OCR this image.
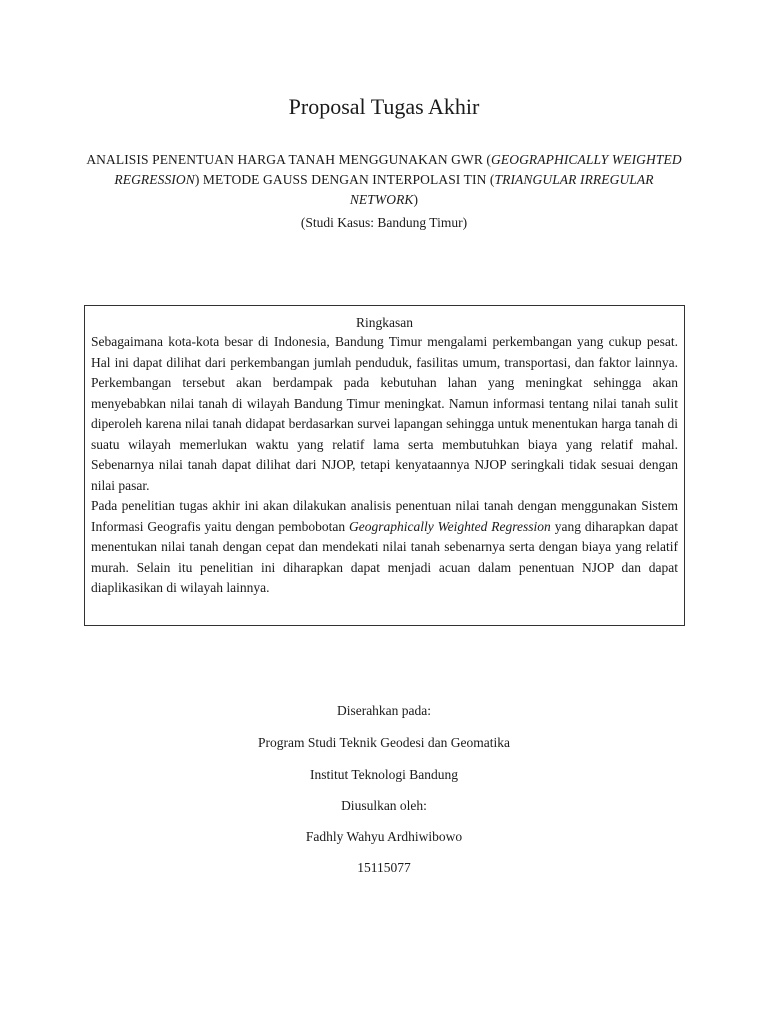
Proposal Tugas Akhir
ANALISIS PENENTUAN HARGA TANAH MENGGUNAKAN GWR (GEOGRAPHICALLY WEIGHTED REGRESSION) METODE GAUSS DENGAN INTERPOLASI TIN (TRIANGULAR IRREGULAR NETWORK)
(Studi Kasus: Bandung Timur)

Ringkasan

Sebagaimana kota-kota besar di Indonesia, Bandung Timur mengalami perkembangan yang cukup pesat. Hal ini dapat dilihat dari perkembangan jumlah penduduk, fasilitas umum, transportasi, dan faktor lainnya. Perkembangan tersebut akan berdampak pada kebutuhan lahan yang meningkat sehingga akan menyebabkan nilai tanah di wilayah Bandung Timur meningkat. Namun informasi tentang nilai tanah sulit diperoleh karena nilai tanah didapat berdasarkan survei lapangan sehingga untuk menentukan harga tanah di suatu wilayah memerlukan waktu yang relatif lama serta membutuhkan biaya yang relatif mahal. Sebenarnya nilai tanah dapat dilihat dari NJOP, tetapi kenyataannya NJOP seringkali tidak sesuai dengan nilai pasar.

Pada penelitian tugas akhir ini akan dilakukan analisis penentuan nilai tanah dengan menggunakan Sistem Informasi Geografis yaitu dengan pembobotan Geographically Weighted Regression yang diharapkan dapat menentukan nilai tanah dengan cepat dan mendekati nilai tanah sebenarnya serta dengan biaya yang relatif murah. Selain itu penelitian ini diharapkan dapat menjadi acuan dalam penentuan NJOP dan dapat diaplikasikan di wilayah lainnya.

Diserahkan pada:
Program Studi Teknik Geodesi dan Geomatika
Institut Teknologi Bandung
Diusulkan oleh:
Fadhly Wahyu Ardhiwibowo
15115077
